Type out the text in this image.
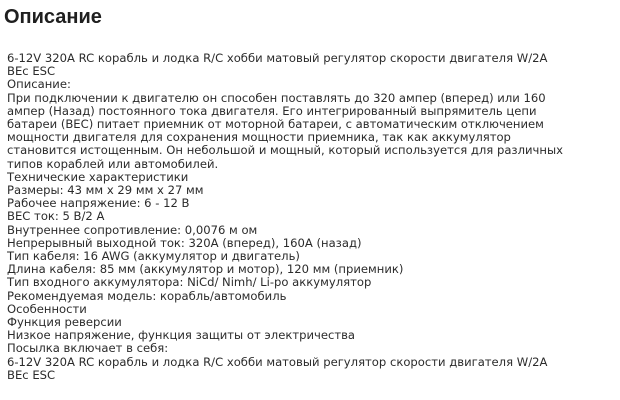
Описание
6-12V 320A RC корабль и лодка R/C хобби матовый регулятор скорости двигателя W/2A
BEc ESC
Описание:
При подключении к двигателю он способен поставлять до 320 ампер (вперед) или 160
ампер (Назад) постоянного тока двигателя. Его интегрированный выпрямитель цепи
батареи (BEC) питает приемник от моторной батареи, с автоматическим отключением
мощности двигателя для сохранения мощности приемника, так как аккумулятор
становится истощенным. Он небольшой и мощный, который используется для различных
типов кораблей или автомобилей.
Технические характеристики
Размеры: 43 мм x 29 мм x 27 мм
Рабочее напряжение: 6 - 12 В
BEC ток: 5 В/2 А
Внутреннее сопротивление: 0,0076 м ом
Непрерывный выходной ток: 320A (вперед), 160A (назад)
Тип кабеля: 16 AWG (аккумулятор и двигатель)
Длина кабеля: 85 мм (аккумулятор и мотор), 120 мм (приемник)
Тип входного аккумулятора: NiCd/ Nimh/ Li-po аккумулятор
Рекомендуемая модель: корабль/автомобиль
Особенности
Функция реверсии
Низкое напряжение, функция защиты от электричества
Посылка включает в себя:
6-12V 320A RC корабль и лодка R/C хобби матовый регулятор скорости двигателя W/2A
BEc ESC
